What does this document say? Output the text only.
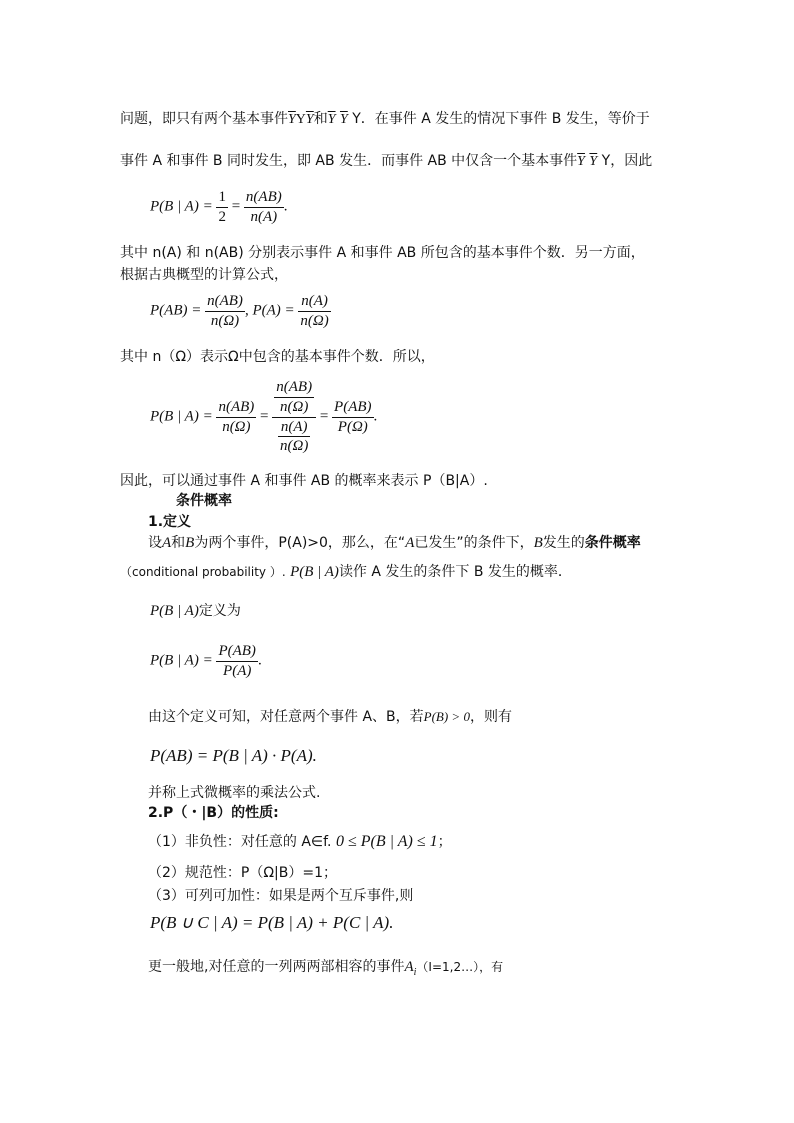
问题，即只有两个基本事件$\overline{Y}Y\overline{Y}$和$\overline{Y}$ $\overline{Y}$ Y．在事件 A 发生的情况下事件 B 发生，等价于
事件 A 和事件 B 同时发生，即 AB 发生．而事件 AB 中仅含一个基本事件$\overline{Y}$ $\overline{Y}$ Y，因此
P(B | $A) = \frac{1}{2} = \frac{n(AB)}{n(A)}$ .
其中 n(A) 和 n(AB) 分别表示事件 A 和事件 AB 所包含的基本事件个数．另一方面，
根据古典概型的计算公式，
$P(AB) = \frac{n(AB)}{n(\Omega)}$ , $P(A) = \frac{n(A)}{n(\Omega)}$
其中 n（Ω）表示Ω中包含的基本事件个数．所以，
P(B | $A) = \frac{n(AB)}{n(\Omega)} = \frac{\frac{n(AB)}{n(\Omega)}}{\frac{n(A)}{n(\Omega)}} = \frac{P(AB)}{P(\Omega)}$ .
因此，可以通过事件 A 和事件 AB 的概率来表示 P（B|A）.
条件概率
1.定义
设A和B为两个事件，P(A)>0，那么，在“A已发生”的条件下，B发生的条件概率
（conditional probability ）. P(B | A)读作 A 发生的条件下 B 发生的概率．
P(B | A)定义为
P(B | $A) = \frac{P(AB)}{P(A)}$ .
由这个定义可知，对任意两个事件 A、B，若P(B) > 0，则有
P(AB) = P(B | A) · P(A).
并称上式微概率的乘法公式.
2.P（・|B）的性质:
（1）非负性：对任意的 A∈f. 0 ≤ P(B | A) ≤ 1；
（2）规范性：P（Ω|B）=1；
（3）可列可加性：如果是两个互斥事件,则
P(B ∪ C | A) = P(B | A) + P(C | A).
更一般地,对任意的一列两两部相容的事件$A_i(I=1,2\dots)$，有
